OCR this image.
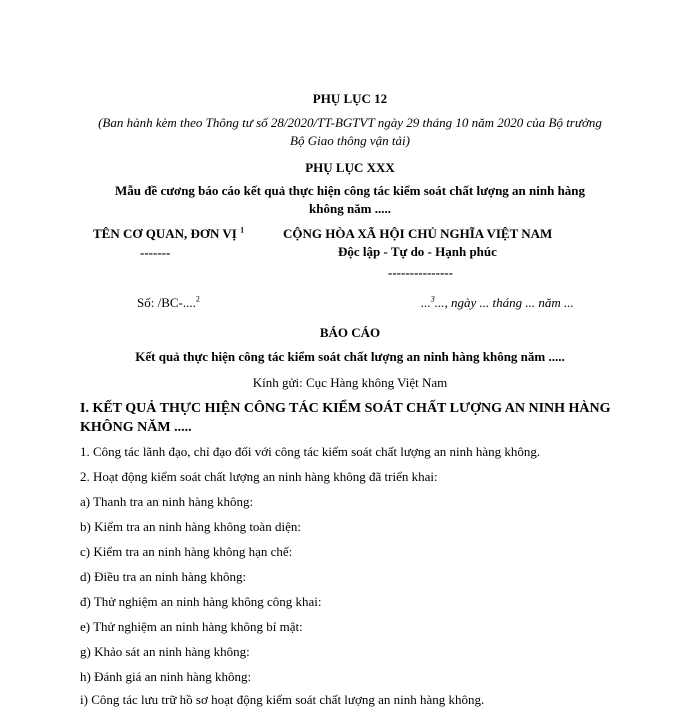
PHỤ LỤC 12
(Ban hành kèm theo Thông tư số 28/2020/TT-BGTVT ngày 29 tháng 10 năm 2020 của Bộ trưởng
Bộ Giao thông vận tải)
PHỤ LỤC XXX
Mẫu đề cương báo cáo kết quả thực hiện công tác kiểm soát chất lượng an ninh hàng
không năm .....
TÊN CƠ QUAN, ĐƠN VỊ $^1$
-------
CỘNG HÒA XÃ HỘI CHỦ NGHĨA VIỆT NAM
Độc lập - Tự do - Hạnh phúc
---------------
Số: /BC-....$^2$	...$^3$..., ngày ... tháng ... năm ...
BÁO CÁO
Kết quả thực hiện công tác kiểm soát chất lượng an ninh hàng không năm .....
Kính gửi: Cục Hàng không Việt Nam
I. KẾT QUẢ THỰC HIỆN CÔNG TÁC KIỂM SOÁT CHẤT LƯỢNG AN NINH HÀNG
KHÔNG NĂM .....
1. Công tác lãnh đạo, chỉ đạo đối với công tác kiểm soát chất lượng an ninh hàng không.
2. Hoạt động kiểm soát chất lượng an ninh hàng không đã triển khai:
a) Thanh tra an ninh hàng không:
b) Kiểm tra an ninh hàng không toàn diện:
c) Kiểm tra an ninh hàng không hạn chế:
d) Điều tra an ninh hàng không:
đ) Thử nghiệm an ninh hàng không công khai:
e) Thử nghiệm an ninh hàng không bí mật:
g) Khảo sát an ninh hàng không:
h) Đánh giá an ninh hàng không:
i) Công tác lưu trữ hồ sơ hoạt động kiểm soát chất lượng an ninh hàng không.
